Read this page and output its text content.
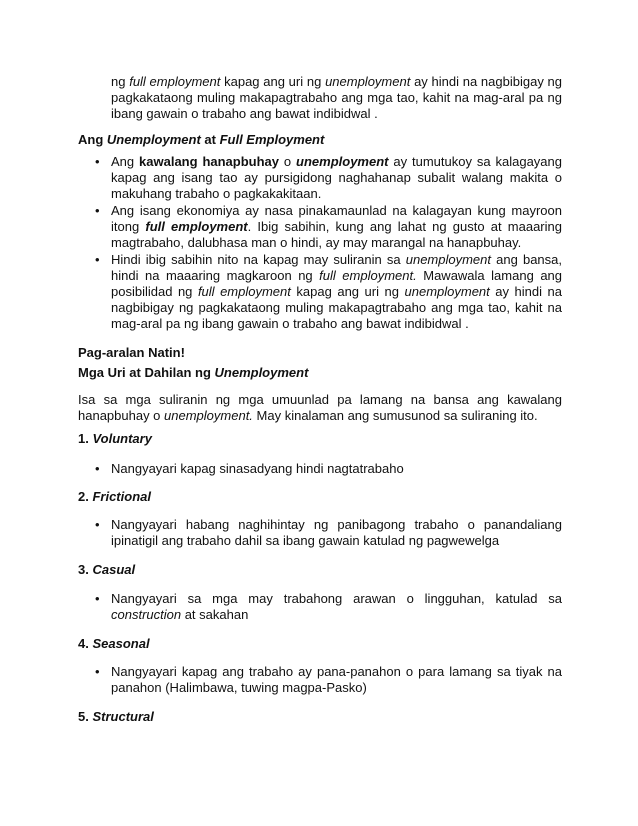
ng full employment kapag ang uri ng unemployment ay hindi na nagbibigay ng pagkakataong muling makapagtrabaho ang mga tao, kahit na mag-aral pa ng ibang gawain o trabaho ang bawat indibidwal .
Ang Unemployment at Full Employment
• Ang kawalang hanapbuhay o unemployment ay tumutukoy sa kalagayang kapag ang isang tao ay pursigidong naghahanap subalit walang makita o makuhang trabaho o pagkakakitaan.
• Ang isang ekonomiya ay nasa pinakamaunlad na kalagayan kung mayroon itong full employment. Ibig sabihin, kung ang lahat ng gusto at maaaring magtrabaho, dalubhasa man o hindi, ay may marangal na hanapbuhay.
• Hindi ibig sabihin nito na kapag may suliranin sa unemployment ang bansa, hindi na maaaring magkaroon ng full employment. Mawawala lamang ang posibilidad ng full employment kapag ang uri ng unemployment ay hindi na nagbibigay ng pagkakataong muling makapagtrabaho ang mga tao, kahit na mag-aral pa ng ibang gawain o trabaho ang bawat indibidwal .
Pag-aralan Natin!
Mga Uri at Dahilan ng Unemployment
Isa sa mga suliranin ng mga umuunlad pa lamang na bansa ang kawalang hanapbuhay o unemployment. May kinalaman ang sumusunod sa suliraning ito.
1. Voluntary
• Nangyayari kapag sinasadyang hindi nagtatrabaho
2. Frictional
• Nangyayari habang naghihintay ng panibagong trabaho o panandaliang ipinatigil ang trabaho dahil sa ibang gawain katulad ng pagwewelga
3. Casual
• Nangyayari sa mga may trabahong arawan o lingguhan, katulad sa construction at sakahan
4. Seasonal
• Nangyayari kapag ang trabaho ay pana-panahon o para lamang sa tiyak na panahon (Halimbawa, tuwing magpa-Pasko)
5. Structural
